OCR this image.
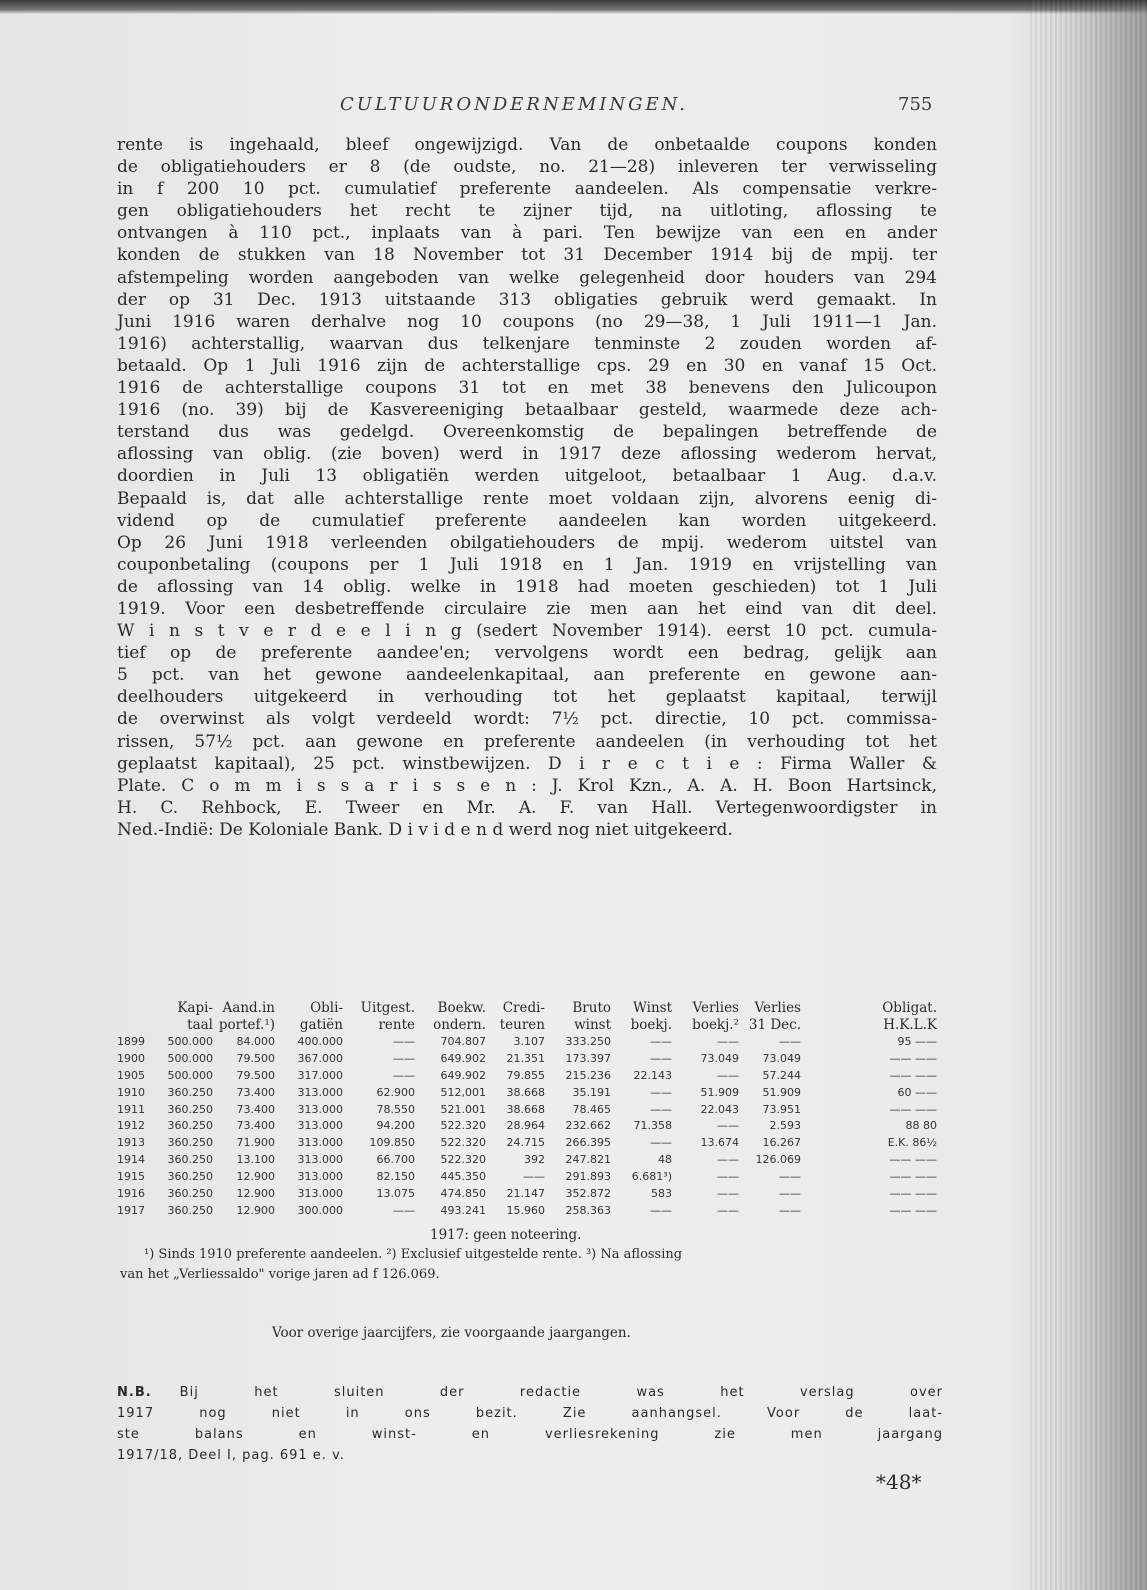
CULTUURONDERNEMINGEN.	755
rente is ingehaald, bleef ongewijzigd. Van de onbetaalde coupons konden
de obligatiehouders er 8 (de oudste, no. 21—28) inleveren ter verwisseling
in f 200 10 pct. cumulatief preferente aandeelen. Als compensatie verkre-
gen obligatiehouders het recht te zijner tijd, na uitloting, aflossing te
ontvangen à 110 pct., inplaats van à pari. Ten bewijze van een en ander
konden de stukken van 18 November tot 31 December 1914 bij de mpij. ter
afstempeling worden aangeboden van welke gelegenheid door houders van 294
der op 31 Dec. 1913 uitstaande 313 obligaties gebruik werd gemaakt. In
Juni 1916 waren derhalve nog 10 coupons (no 29—38, 1 Juli 1911—1 Jan.
1916) achterstallig, waarvan dus telkenjare tenminste 2 zouden worden af-
betaald. Op 1 Juli 1916 zijn de achterstallige cps. 29 en 30 en vanaf 15 Oct.
1916 de achterstallige coupons 31 tot en met 38 benevens den Julicoupon
1916 (no. 39) bij de Kasvereeniging betaalbaar gesteld, waarmede deze ach-
terstand dus was gedelgd. Overeenkomstig de bepalingen betreffende de
aflossing van oblig. (zie boven) werd in 1917 deze aflossing wederom hervat,
doordien in Juli 13 obligatiën werden uitgeloot, betaalbaar 1 Aug. d.a.v.
Bepaald is, dat alle achterstallige rente moet voldaan zijn, alvorens eenig di-
vidend op de cumulatief preferente aandeelen kan worden uitgekeerd.
Op 26 Juni 1918 verleenden obilgatiehouders de mpij. wederom uitstel van
couponbetaling (coupons per 1 Juli 1918 en 1 Jan. 1919 en vrijstelling van
de aflossing van 14 oblig. welke in 1918 had moeten geschieden) tot 1 Juli
1919. Voor een desbetreffende circulaire zie men aan het eind van dit deel.
W i n s t v e r d e e l i n g (sedert November 1914). eerst 10 pct. cumula-
tief op de preferente aandee'en; vervolgens wordt een bedrag, gelijk aan
5 pct. van het gewone aandeelenkapitaal, aan preferente en gewone aan-
deelhouders uitgekeerd in verhouding tot het geplaatst kapitaal, terwijl
de overwinst als volgt verdeeld wordt: 7½ pct. directie, 10 pct. commissa-
rissen, 57½ pct. aan gewone en preferente aandeelen (in verhouding tot het
geplaatst kapitaal), 25 pct. winstbewijzen. D i r e c t i e : Firma Waller &
Plate. C o m m i s s a r i s s e n : J. Krol Kzn., A. A. H. Boon Hartsinck,
H. C. Rehbock, E. Tweer en Mr. A. F. van Hall. Vertegenwoordigster in
Ned.-Indië: De Koloniale Bank. D i v i d e n d werd nog niet uitgekeerd.
Kapi- Aand.in	Obli- Uitgest. Boekw. Credi- Bruto Winst Verlies Verlies	Obligat.
taal portef.¹) gatiën	rente ondern. teuren winst boekj. boekj.² 31 Dec.	H.K.L.K
1899	500.000 84.000 400.000	—— 704.807	3.107 333.250	——	——	——	95 ——
1900	500.000 79.500 367.000	—— 649.902 21.351 173.397	——	73.049 73.049	—— ——
1905	500.000 79.500 317.000	—— 649.902 79.855 215.236 22.143	—— 57.244	—— ——
1910	360.250 73.400 313.000	62.900 512,001 38.668	35.191	——	51.909 51.909	60 ——
1911	360.250 73.400 313.000	78.550 521.001 38.668	78.465	——	22.043 73.951	—— ——
1912	360.250 73.400 313.000	94.200 522.320 28.964 232.662 71.358	——	2.593	88 80
1913	360.250 71.900 313.000 109.850 522.320 24.715 266.395	——	13.674 16.267	E.K. 86½
1914	360.250 13.100 313.000	66.700 522.320	392 247.821	48	—— 126.069	—— ——
1915	360.250 12.900 313.000	82.150 445.350	—— 291.893 6.681³)	——	——	—— ——
1916	360.250 12.900 313.000	13.075 474.850 21.147 352.872	583	——	——	—— ——
1917	360.250 12.900 300.000	—— 493.241 15.960 258.363	——	——	——	—— ——
1917: geen noteering.
¹) Sinds 1910 preferente aandeelen. ²) Exclusief uitgestelde rente. ³) Na aflossing
van het „Verliessaldo" vorige jaren ad f 126.069.
Voor overige jaarcijfers, zie voorgaande jaargangen.
N.B. Bij het sluiten der redactie was het verslag over
1917 nog niet in ons bezit. Zie aanhangsel. Voor de laat-
ste balans en winst- en verliesrekening zie men jaargang
1917/18, Deel I, pag. 691 e. v.
*48*
